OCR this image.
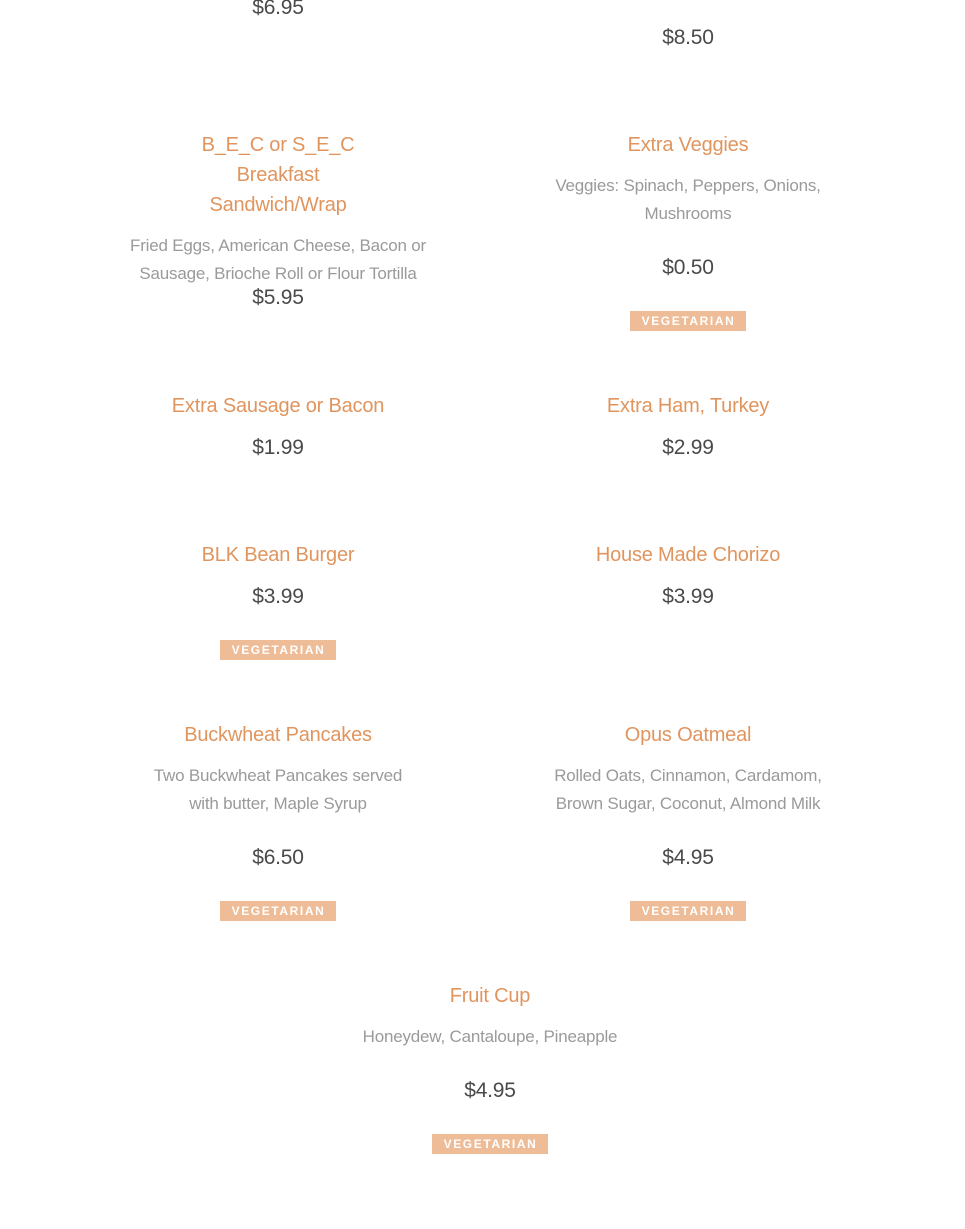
$6.95
$8.50
B_E_C or S_E_C Breakfast Sandwich/Wrap
Fried Eggs, American Cheese, Bacon or Sausage, Brioche Roll or Flour Tortilla
$5.95
Extra Veggies
Veggies: Spinach, Peppers, Onions, Mushrooms
$0.50
VEGETARIAN
Extra Sausage or Bacon
$1.99
Extra Ham, Turkey
$2.99
BLK Bean Burger
$3.99
VEGETARIAN
House Made Chorizo
$3.99
Buckwheat Pancakes
Two Buckwheat Pancakes served with butter, Maple Syrup
$6.50
VEGETARIAN
Opus Oatmeal
Rolled Oats, Cinnamon, Cardamom, Brown Sugar, Coconut, Almond Milk
$4.95
VEGETARIAN
Fruit Cup
Honeydew, Cantaloupe, Pineapple
$4.95
VEGETARIAN
